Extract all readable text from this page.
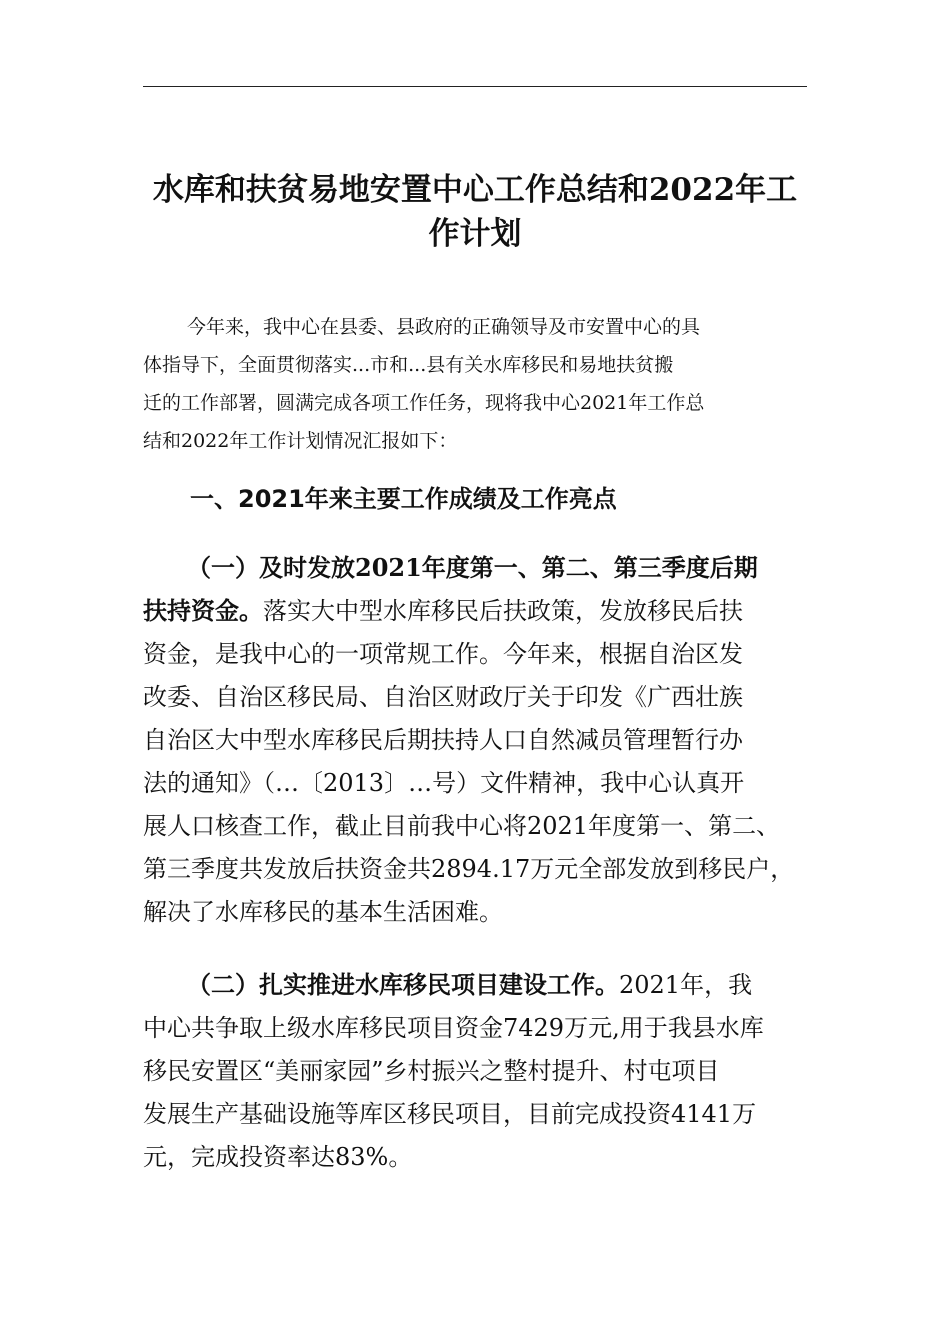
水库和扶贫易地安置中心工作总结和2022年工
作计划

今年来，我中心在县委、县政府的正确领导及市安置中心的具
体指导下，全面贯彻落实...市和...县有关水库移民和易地扶贫搬
迁的工作部署，圆满完成各项工作任务，现将我中心2021年工作总
结和2022年工作计划情况汇报如下：

一、2021年来主要工作成绩及工作亮点

（一）及时发放2021年度第一、第二、第三季度后期
扶持资金。落实大中型水库移民后扶政策，发放移民后扶
资金，是我中心的一项常规工作。今年来，根据自治区发
改委、自治区移民局、自治区财政厅关于印发《广西壮族
自治区大中型水库移民后期扶持人口自然减员管理暂行办
法的通知》（…〔2013〕…号）文件精神，我中心认真开
展人口核查工作，截止目前我中心将2021年度第一、第二、
第三季度共发放后扶资金共2894.17万元全部发放到移民户，
解决了水库移民的基本生活困难。

（二）扎实推进水库移民项目建设工作。2021年，我
中心共争取上级水库移民项目资金7429万元,用于我县水库
移民安置区“美丽家园”乡村振兴之整村提升、村屯项目
发展生产基础设施等库区移民项目，目前完成投资4141万
元，完成投资率达83%。
